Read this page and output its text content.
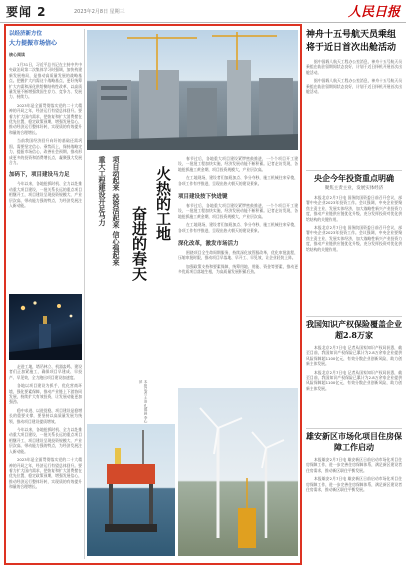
要闻 2	2023年2月8日 星期三	人民日报

以经济新方位

大力提振市场信心

核心阅读

1月31日，习近平总书记在主持中共中央政治局第二次集体学习时强调，加快构建新发展格局，是推动高质量发展的战略基点。把握扩大内需这个战略基点，更好统筹扩大内需和深化供给侧结构性改革，以高质量发展不断增强我国生存力、竞争力、发展力、持续力。

2023年是全面贯彻落实党的二十大精神的开局之年，经济运行有望总体回升。要着力扩大国内需求，把恢复和扩大消费摆在优先位置，稳定政策预期，增强发展信心，推动经济运行整体好转，实现质的有效提升和量的合理增长。

当前我国经济回升向好的基础还需巩固，需要坚定信心、乘势而上，保持战略定力，提振市场信心，改善社会预期，推动形成更多的投资和消费增长点，凝聚强大发展合力。

加码下，项目建设马力足

今年以来，各地抢抓时机、全力以赴推动重大项目建设，一批关系长远的重点项目相继开工，项目建设呈现投资规模大、产业层次高、带动能力强的特点，为经济发展注入新动能。

走进工地，塔吊林立、机器轰鸣，建设者们正加紧施工，确保项目早建成、早投产、早见效，全力跑出项目建设加速度。

各地以项目建设为抓手，优化营商环境，强化要素保障，推动产业链上下游协同发展，持续扩大有效投资，让发展动能更加强劲。

稳中求进、以进促稳，项目建设是稳增长的重要支撑，要坚持以高质量发展为统领，推动项目建设提质增效。

今年以来，各地抢抓时机、全力以赴推动重大项目建设，一批关系长远的重点项目相继开工，项目建设呈现投资规模大、产业层次高、带动能力强的特点，为经济发展注入新动能。

2023年是全面贯彻落实党的二十大精神的开局之年，经济运行有望总体回升。要着力扩大国内需求，把恢复和扩大消费摆在优先位置，稳定政策预期，增强发展信心，推动经济运行整体好转，实现质的有效提升和量的合理增长。

火热的工地
奋进的春天
项目动起来 投资活起来 信心强起来
重大工程建设开足马力
本报记者 王浩 孔德晨 李心萍

春节过后，各地重大项目建设紧锣密鼓推进，一个个项目开工建设，一批批工程加快实施，经济发展动能不断积蓄。记者走访发现，各地抢抓施工黄金期，项目投资规模大，产业层次高。

在工地现场，建设者们加班加点、争分夺秒，施工机械往来穿梭，各项工作有序推进，呈现出热火朝天的建设景象。

项目建设按下快进键

春节过后，各地重大项目建设紧锣密鼓推进，一个个项目开工建设，一批批工程加快实施，经济发展动能不断积蓄。记者走访发现，各地抢抓施工黄金期，项目投资规模大，产业层次高。

在工地现场，建设者们加班加点、争分夺秒，施工机械往来穿梭，各项工作有序推进，呈现出热火朝天的建设景象。

深化改革，激发市场活力

围绕项目全生命周期服务，持续深化放管服改革，优化审批流程，压缩审批时限，推动项目早落地、早开工、早见效，让企业轻装上阵。

加强政策支持和要素保障，统筹用地、用能、资金等要素，推动更多优质项目落地生根，为高质量发展积蓄后劲。

神舟十五号航天员乘组将于近日首次出舱活动

据中国载人航天工程办公室消息，神舟十五号航天员乘组在轨驻留期间状态良好，计划于近日择机开展首次出舱活动。

据中国载人航天工程办公室消息，神舟十五号航天员乘组在轨驻留期间状态良好，计划于近日择机开展首次出舱活动。

央企今年投资重点明确

聚焦主责主业，发展实体经济

本报北京2月7日电 国务院国资委日前召开会议，部署中央企业2023年投资工作。会议强调，中央企业要聚焦主责主业，发展实体经济，加大战略性新兴产业投资力度，推动产业链供应链优化升级，充分发挥投资对优化供给结构的关键作用。

本报北京2月7日电 国务院国资委日前召开会议，部署中央企业2023年投资工作。会议强调，中央企业要聚焦主责主业，发展实体经济，加大战略性新兴产业投资力度，推动产业链供应链优化升级，充分发挥投资对优化供给结构的关键作用。

我国知识产权保险覆盖企业超2.8万家

本报北京2月7日电 记者从国家知识产权局获悉，截至目前，我国知识产权保险已累计为2.8万余家企业提供风险保障超1100亿元，有效分散企业创新风险，助力创新主体发展。

本报北京2月7日电 记者从国家知识产权局获悉，截至目前，我国知识产权保险已累计为2.8万余家企业提供风险保障超1100亿元，有效分散企业创新风险，助力创新主体发展。

雄安新区市场化项目住房保障工作启动

本报雄安2月7日电 雄安新区日前启动市场化项目住房保障工作，进一步完善住房保障体系，满足新区建设者住房需求，推动新区职住平衡发展。

本报雄安2月7日电 雄安新区日前启动市场化项目住房保障工作，进一步完善住房保障体系，满足新区建设者住房需求，推动新区职住平衡发展。
